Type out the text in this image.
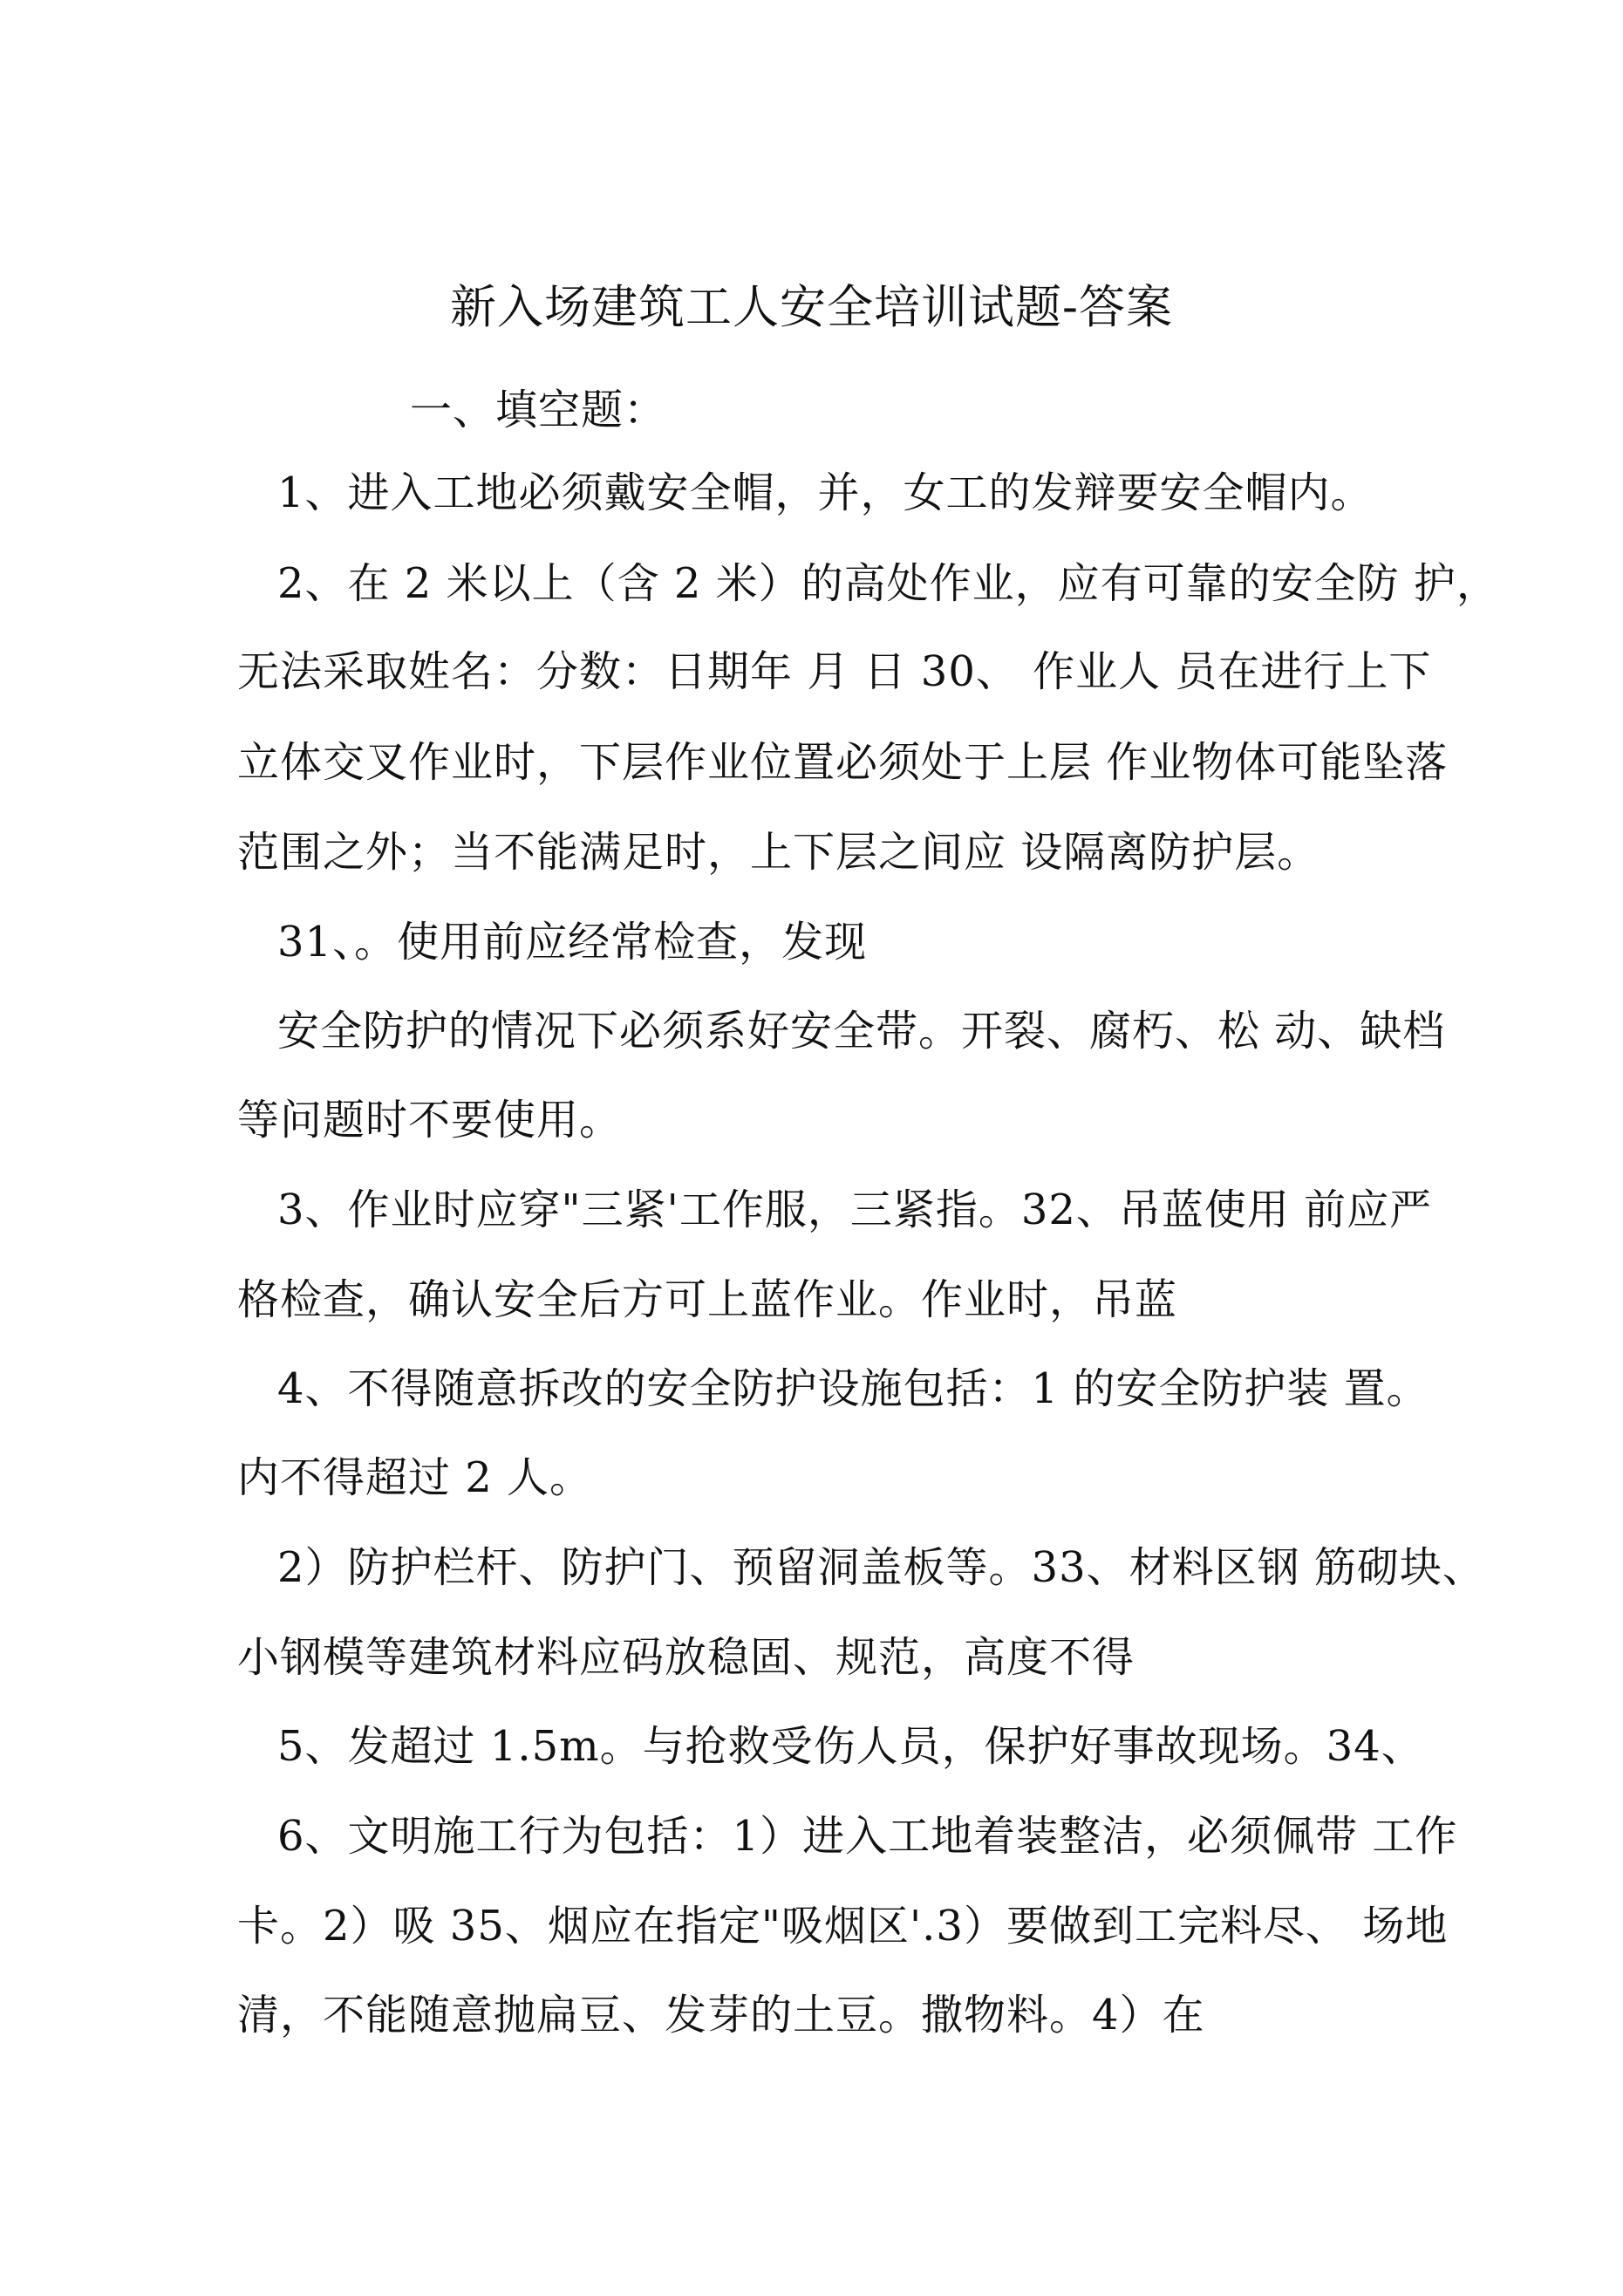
新入场建筑工人安全培训试题-答案
一、填空题：
1、进入工地必须戴安全帽，并，女工的发辩要安全帽内。
2、在 2 米以上（含 2 米）的高处作业，应有可靠的安全防 护，
无法采取姓名：分数：日期年 月 日 30、 作业人 员在进行上下
立体交叉作业时，下层作业位置必须处于上层 作业物体可能坠落
范围之外；当不能满足时，上下层之间应 设隔离防护层。
31、。使用前应经常检查，发现
安全防护的情况下必须系好安全带。开裂、腐朽、松 动、缺档
等问题时不要使用。
3、作业时应穿"三紧'工作服，三紧指。32、吊蓝使用 前应严
格检查，确认安全后方可上蓝作业。作业时，吊蓝
4、不得随意拆改的安全防护设施包括：1 的安全防护装 置。
内不得超过 2 人。
2）防护栏杆、防护门、预留洞盖板等。33、材料区钢 筋砌块、
小钢模等建筑材料应码放稳固、规范，高度不得
5、发超过 1.5m。与抢救受伤人员，保护好事故现场。34、
6、文明施工行为包括：1）进入工地着装整洁，必须佩带 工作
卡。2）吸 35、烟应在指定"吸烟区'.3）要做到工完料尽、 场地
清，不能随意抛扁豆、发芽的土豆。撒物料。4）在
